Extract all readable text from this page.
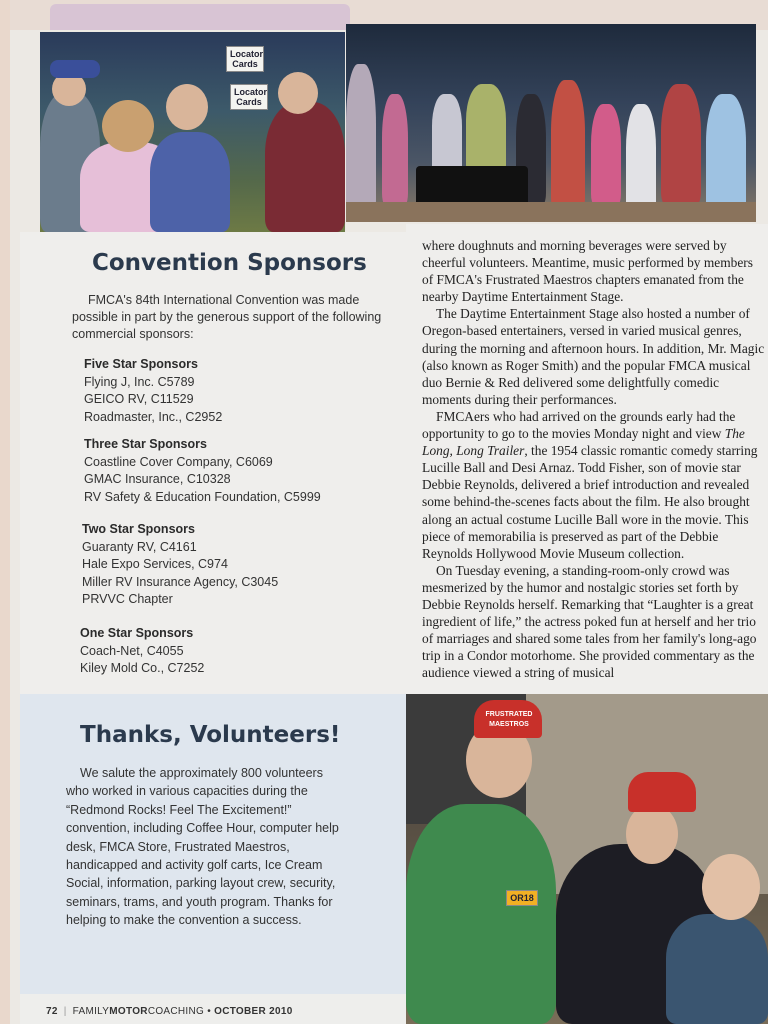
Locator Cards
Locator Cards
Convention Sponsors

FMCA's 84th International Convention was made possible in part by the generous support of the following commercial sponsors:

Five Star Sponsors
Flying J, Inc. C5789
GEICO RV, C11529
Roadmaster, Inc., C2952
Three Star Sponsors
Coastline Cover Company, C6069
GMAC Insurance, C10328
RV Safety & Education Foundation, C5999
Two Star Sponsors
Guaranty RV, C4161
Hale Expo Services, C974
Miller RV Insurance Agency, C3045
PRVVC Chapter
One Star Sponsors
Coach-Net, C4055
Kiley Mold Co., C7252

where doughnuts and morning beverages were served by cheerful volunteers. Meantime, music performed by members of FMCA's Frustrated Maestros chapters emanated from the nearby Daytime Entertainment Stage.

The Daytime Entertainment Stage also hosted a number of Oregon-based entertainers, versed in varied musical genres, during the morning and afternoon hours. In addition, Mr. Magic (also known as Roger Smith) and the popular FMCA musical duo Bernie & Red delivered some delightfully comedic moments during their performances.

FMCAers who had arrived on the grounds early had the opportunity to go to the movies Monday night and view The Long, Long Trailer, the 1954 classic romantic comedy starring Lucille Ball and Desi Arnaz. Todd Fisher, son of movie star Debbie Reynolds, delivered a brief introduction and revealed some behind-the-scenes facts about the film. He also brought along an actual costume Lucille Ball wore in the movie. This piece of memorabilia is preserved as part of the Debbie Reynolds Hollywood Movie Museum collection.

On Tuesday evening, a standing-room-only crowd was mesmerized by the humor and nostalgic stories set forth by Debbie Reynolds herself. Remarking that “Laughter is a great ingredient of life,” the actress poked fun at herself and her trio of marriages and shared some tales from her family's long-ago trip in a Condor motorhome. She provided commentary as the audience viewed a string of musical

Thanks, Volunteers!

We salute the approximately 800 volunteers who worked in various capacities during the “Redmond Rocks! Feel The Excitement!” convention, including Coffee Hour, computer help desk, FMCA Store, Frustrated Maestros, handicapped and activity golf carts, Ice Cream Social, information, parking layout crew, security, seminars, trams, and youth program. Thanks for helping to make the convention a success.

OR18
FRUSTRATED MAESTROS
72 | FAMILYMOTORCOACHING • OCTOBER 2010
